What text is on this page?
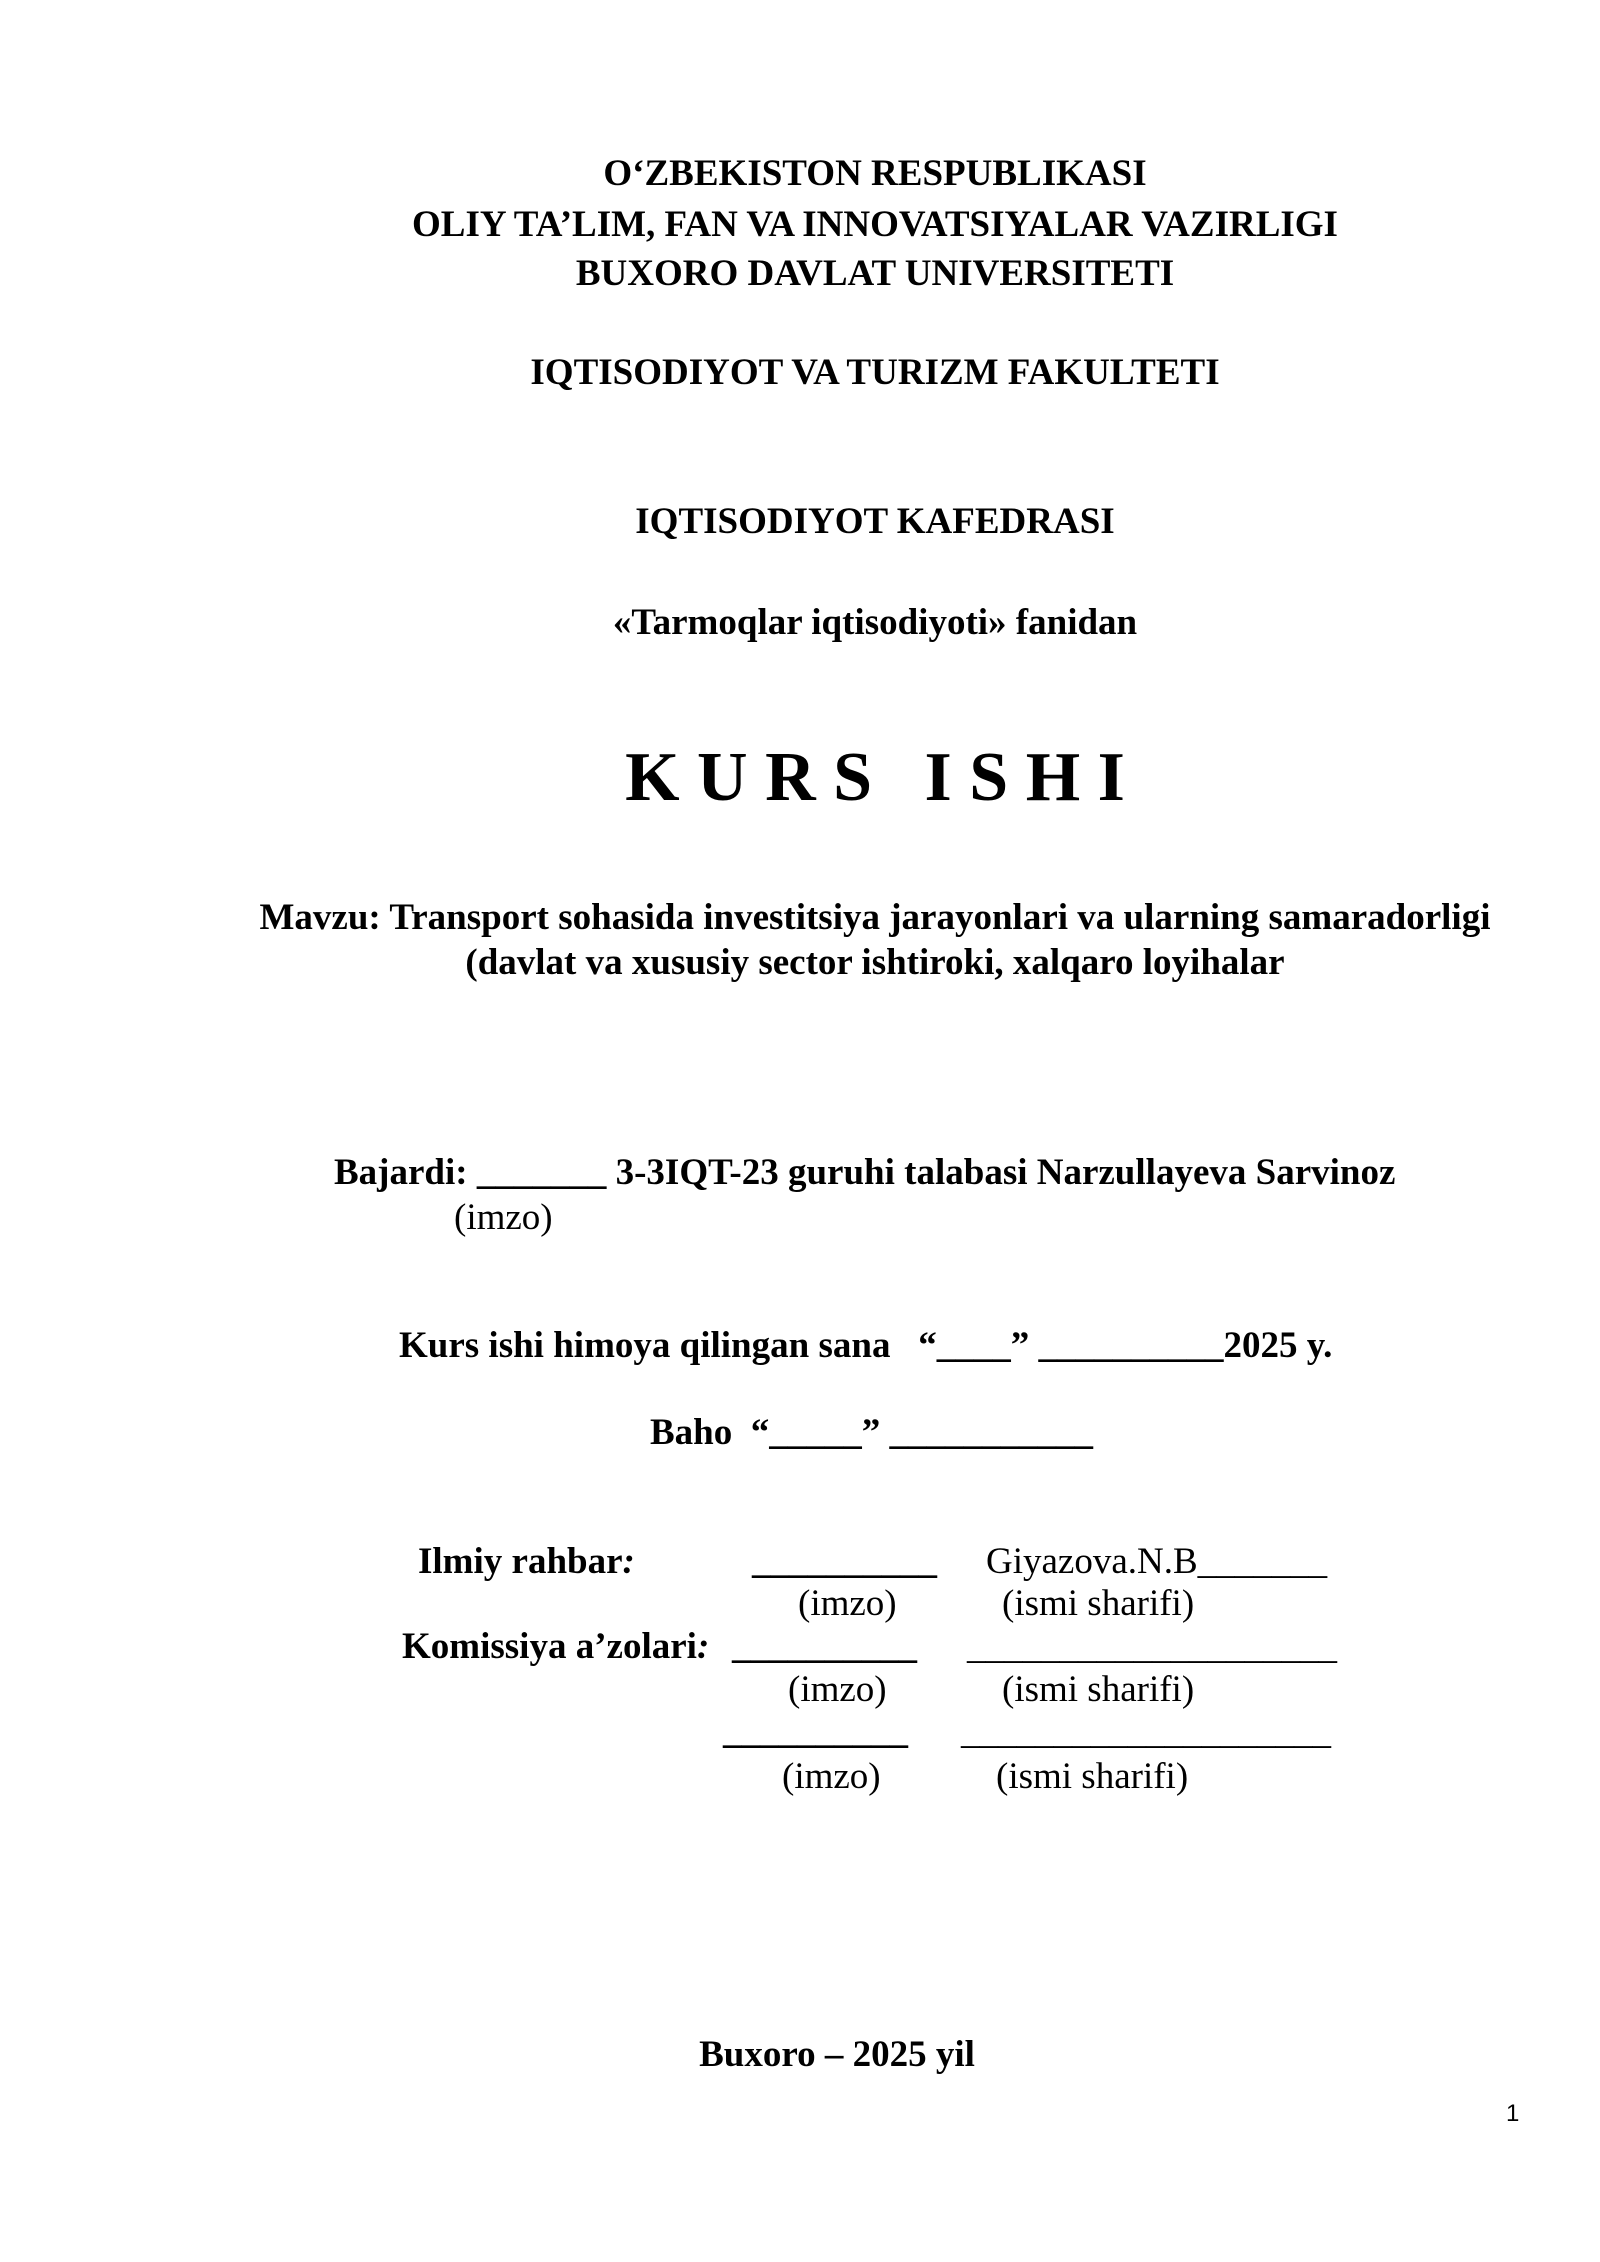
O‘ZBEKISTON RESPUBLIKASI
OLIY TA’LIM, FAN VA INNOVATSIYALAR VAZIRLIGI
BUXORO DAVLAT UNIVERSITETI
IQTISODIYOT VA TURIZM FAKULTETI
IQTISODIYOT KAFEDRASI
«Tarmoqlar iqtisodiyoti» fanidan
K U R S   I S H I
Mavzu: Transport sohasida investitsiya jarayonlari va ularning samaradorligi
(davlat va xususiy sector ishtiroki, xalqaro loyihalar
Bajardi: _______ 3-3IQT-23 guruhi talabasi Narzullayeva Sarvinoz
(imzo)
Kurs ishi himoya qilingan sana   “____” __________2025 y.
Baho  “_____” ___________
Ilmiy rahbar:	__________ Giyazova.N.B_______
(imzo)	(ismi sharifi)
Komissiya a’zolari: __________ ____________________
(imzo)	(ismi sharifi)
__________ ____________________
(imzo)	(ismi sharifi)
Buxoro – 2025 yil
1
